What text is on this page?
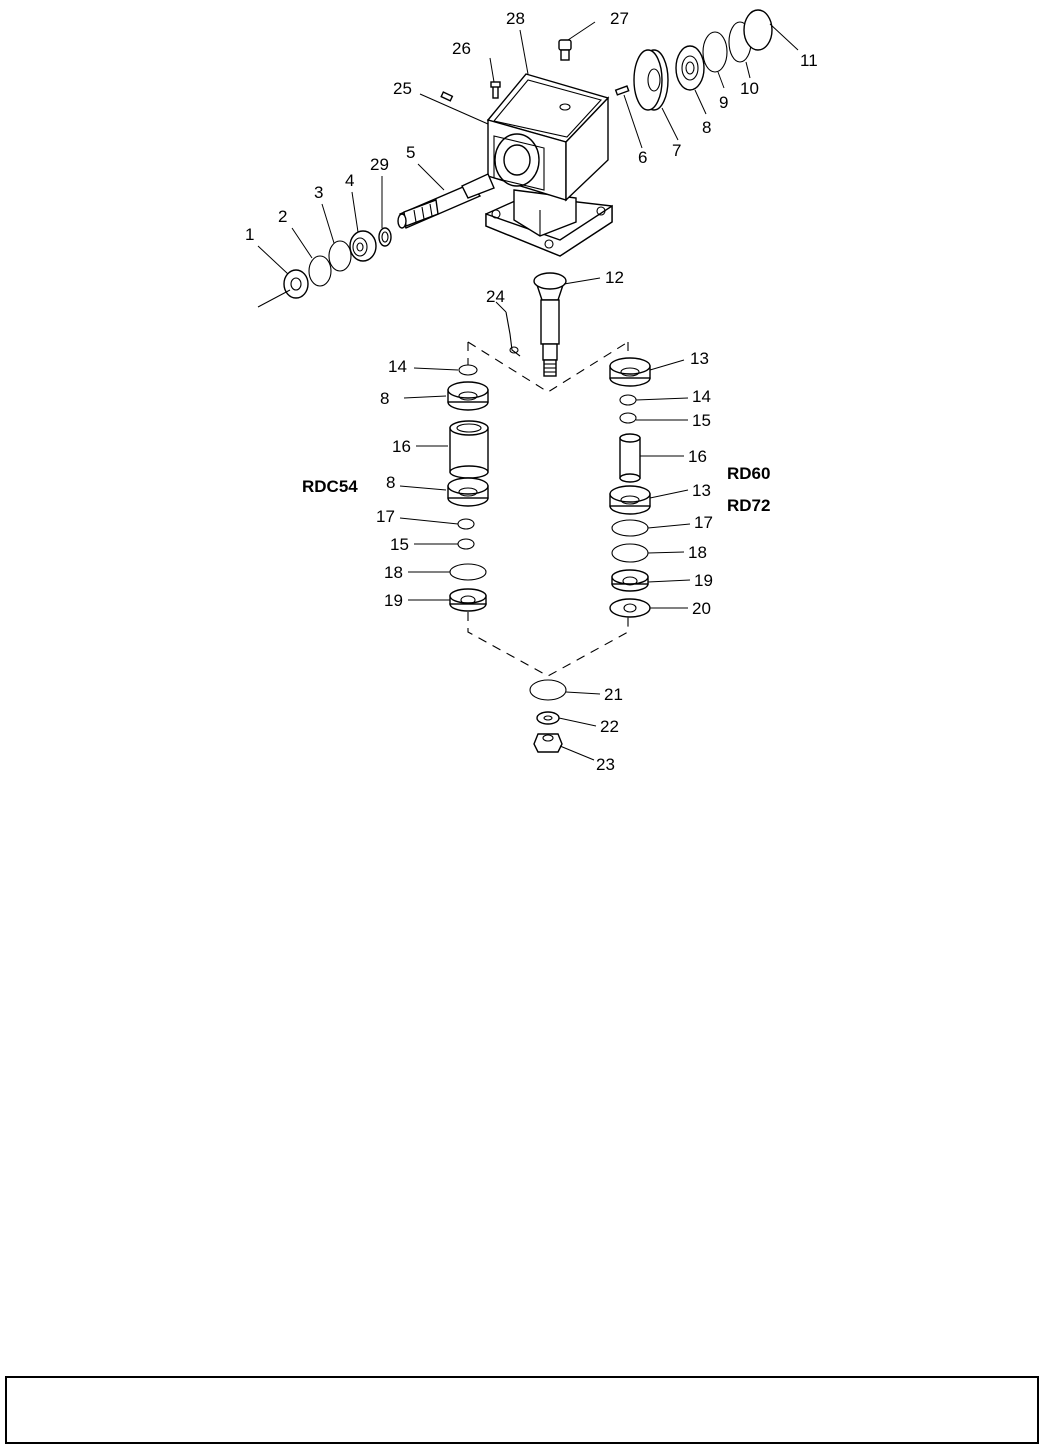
1
2
3
4
29
5
25
26
28	27
6 7
8
9
10
11
12
24
14
8
16
8
17
15
18
19
13
14
15
16
13
17
18
19
20
21
22
23
RDC54
RD60
RD72
